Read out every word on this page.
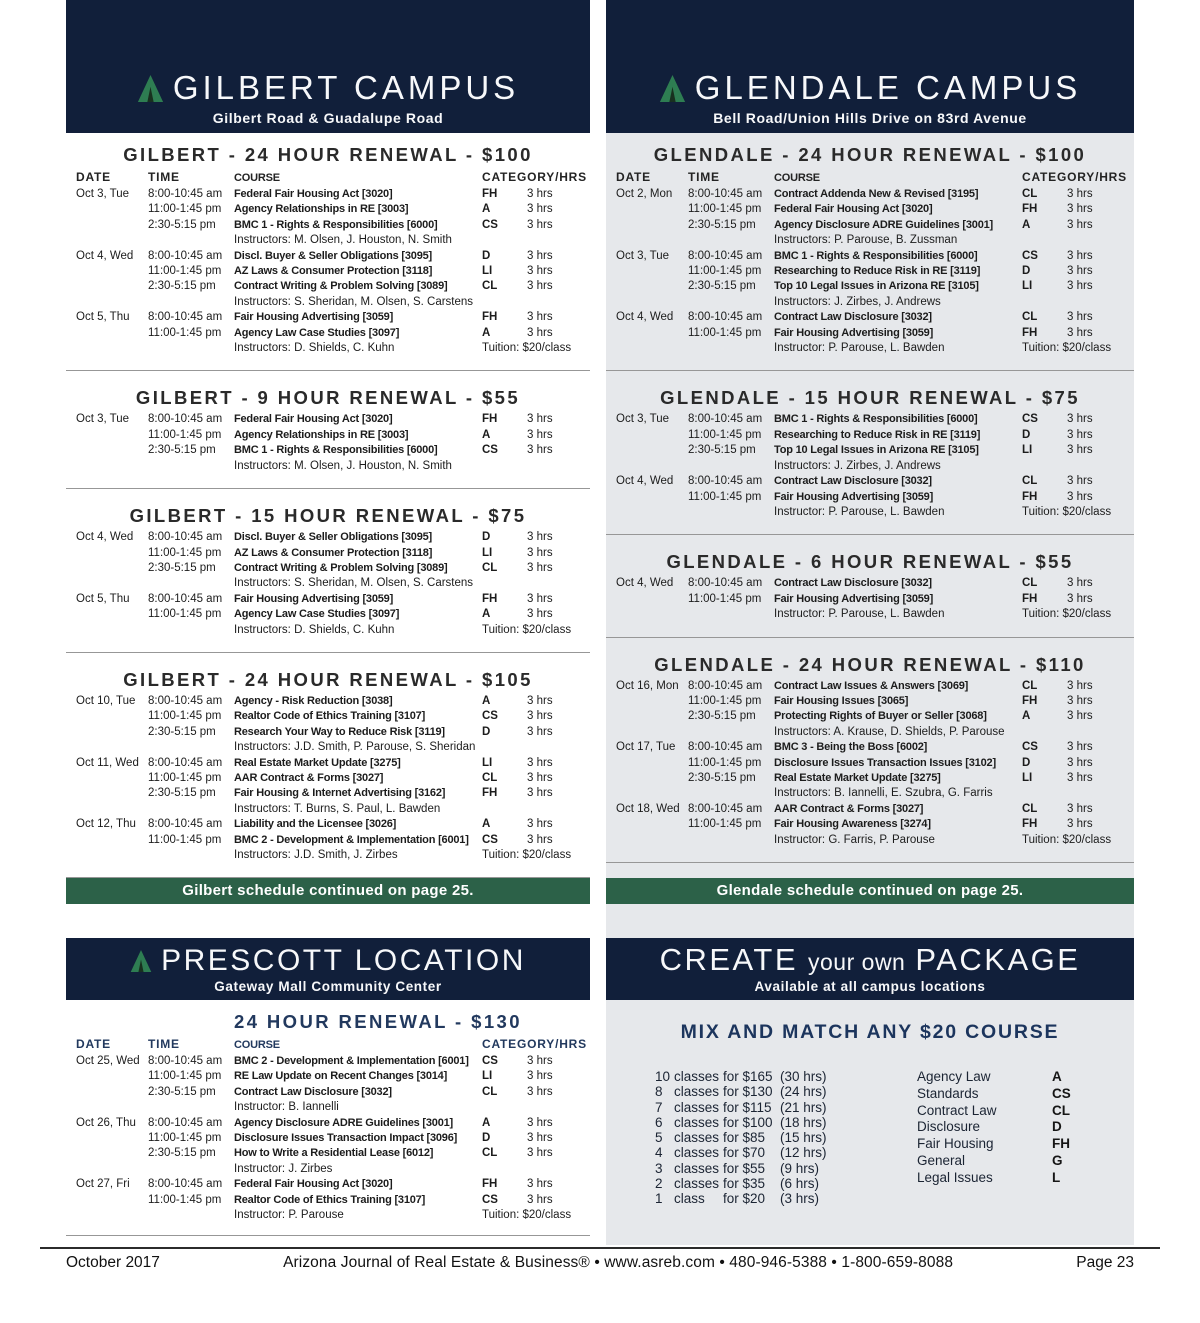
GILBERT CAMPUS
Gilbert Road & Guadalupe Road
GLENDALE CAMPUS
Bell Road/Union Hills Drive on 83rd Avenue
GILBERT - 24 HOUR RENEWAL - $100
DATE	TIME	COURSE	CATEGORY/HRS
Oct 3, Tue	8:00-10:45 am	Federal Fair Housing Act [3020]	FH	3 hrs
11:00-1:45 pm	Agency Relationships in RE [3003]	A	3 hrs
2:30-5:15 pm	BMC 1 - Rights & Responsibilities [6000]	CS	3 hrs
Instructors: M. Olsen, J. Houston, N. Smith
Oct 4, Wed	8:00-10:45 am	Discl. Buyer & Seller Obligations [3095]	D	3 hrs
11:00-1:45 pm	AZ Laws & Consumer Protection [3118]	LI	3 hrs
2:30-5:15 pm	Contract Writing & Problem Solving [3089]	CL	3 hrs
Instructors: S. Sheridan, M. Olsen, S. Carstens
Oct 5, Thu	8:00-10:45 am	Fair Housing Advertising [3059]	FH	3 hrs
11:00-1:45 pm	Agency Law Case Studies [3097]	A	3 hrs
Instructors: D. Shields, C. Kuhn	Tuition: $20/class
GILBERT - 9 HOUR RENEWAL - $55
Oct 3, Tue	8:00-10:45 am	Federal Fair Housing Act [3020]	FH	3 hrs
11:00-1:45 pm	Agency Relationships in RE [3003]	A	3 hrs
2:30-5:15 pm	BMC 1 - Rights & Responsibilities [6000]	CS	3 hrs
Instructors: M. Olsen, J. Houston, N. Smith
GILBERT - 15 HOUR RENEWAL - $75
Oct 4, Wed	8:00-10:45 am	Discl. Buyer & Seller Obligations [3095]	D	3 hrs
11:00-1:45 pm	AZ Laws & Consumer Protection [3118]	LI	3 hrs
2:30-5:15 pm	Contract Writing & Problem Solving [3089]	CL	3 hrs
Instructors: S. Sheridan, M. Olsen, S. Carstens
Oct 5, Thu	8:00-10:45 am	Fair Housing Advertising [3059]	FH	3 hrs
11:00-1:45 pm	Agency Law Case Studies [3097]	A	3 hrs
Instructors: D. Shields, C. Kuhn	Tuition: $20/class
GILBERT - 24 HOUR RENEWAL - $105
Oct 10, Tue	8:00-10:45 am	Agency - Risk Reduction [3038]	A	3 hrs
11:00-1:45 pm	Realtor Code of Ethics Training [3107]	CS	3 hrs
2:30-5:15 pm	Research Your Way to Reduce Risk [3119]	D	3 hrs
Instructors: J.D. Smith, P. Parouse, S. Sheridan
Oct 11, Wed 8:00-10:45 am	Real Estate Market Update [3275]	LI	3 hrs
11:00-1:45 pm	AAR Contract & Forms [3027]	CL	3 hrs
2:30-5:15 pm	Fair Housing & Internet Advertising [3162]	FH	3 hrs
Instructors: T. Burns, S. Paul, L. Bawden
Oct 12, Thu	8:00-10:45 am	Liability and the Licensee [3026]	A	3 hrs
11:00-1:45 pm	BMC 2 - Development & Implementation [6001]	CS	3 hrs
Instructors: J.D. Smith, J. Zirbes	Tuition: $20/class
GLENDALE - 24 HOUR RENEWAL - $100
DATE	TIME	COURSE	CATEGORY/HRS
Oct 2, Mon	8:00-10:45 am	Contract Addenda New & Revised [3195]	CL	3 hrs
11:00-1:45 pm	Federal Fair Housing Act [3020]	FH	3 hrs
2:30-5:15 pm	Agency Disclosure ADRE Guidelines [3001]	A	3 hrs
Instructors: P. Parouse, B. Zussman
Oct 3, Tue	8:00-10:45 am	BMC 1 - Rights & Responsibilities [6000]	CS	3 hrs
11:00-1:45 pm	Researching to Reduce Risk in RE [3119]	D	3 hrs
2:30-5:15 pm	Top 10 Legal Issues in Arizona RE [3105]	LI	3 hrs
Instructors: J. Zirbes, J. Andrews
Oct 4, Wed	8:00-10:45 am	Contract Law Disclosure [3032]	CL	3 hrs
11:00-1:45 pm	Fair Housing Advertising [3059]	FH	3 hrs
Instructor: P. Parouse, L. Bawden	Tuition: $20/class
GLENDALE - 15 HOUR RENEWAL - $75
Oct 3, Tue	8:00-10:45 am	BMC 1 - Rights & Responsibilities [6000]	CS	3 hrs
11:00-1:45 pm	Researching to Reduce Risk in RE [3119]	D	3 hrs
2:30-5:15 pm	Top 10 Legal Issues in Arizona RE [3105]	LI	3 hrs
Instructors: J. Zirbes, J. Andrews
Oct 4, Wed	8:00-10:45 am	Contract Law Disclosure [3032]	CL	3 hrs
11:00-1:45 pm	Fair Housing Advertising [3059]	FH	3 hrs
Instructor: P. Parouse, L. Bawden	Tuition: $20/class
GLENDALE - 6 HOUR RENEWAL - $55
Oct 4, Wed	8:00-10:45 am	Contract Law Disclosure [3032]	CL	3 hrs
11:00-1:45 pm	Fair Housing Advertising [3059]	FH	3 hrs
Instructor: P. Parouse, L. Bawden	Tuition: $20/class
GLENDALE - 24 HOUR RENEWAL - $110
Oct 16, Mon 8:00-10:45 am	Contract Law Issues & Answers [3069]	CL	3 hrs
11:00-1:45 pm	Fair Housing Issues [3065]	FH	3 hrs
2:30-5:15 pm	Protecting Rights of Buyer or Seller [3068]	A	3 hrs
Instructors: A. Krause, D. Shields, P. Parouse
Oct 17, Tue	8:00-10:45 am	BMC 3 - Being the Boss [6002]	CS	3 hrs
11:00-1:45 pm	Disclosure Issues Transaction Issues [3102]	D	3 hrs
2:30-5:15 pm	Real Estate Market Update [3275]	LI	3 hrs
Instructors: B. Iannelli, E. Szubra, G. Farris
Oct 18, Wed 8:00-10:45 am	AAR Contract & Forms [3027]	CL	3 hrs
11:00-1:45 pm	Fair Housing Awareness [3274]	FH	3 hrs
Instructor: G. Farris, P. Parouse	Tuition: $20/class
Gilbert schedule continued on page 25.	Glendale schedule continued on page 25.
PRESCOTT LOCATION
Gateway Mall Community Center
CREATE your own PACKAGE
Available at all campus locations
24 HOUR RENEWAL - $130
DATE	TIME	COURSE	CATEGORY/HRS
Oct 25, Wed 8:00-10:45 am	BMC 2 - Development & Implementation [6001]	CS	3 hrs
11:00-1:45 pm	RE Law Update on Recent Changes [3014]	LI	3 hrs
2:30-5:15 pm	Contract Law Disclosure [3032]	CL	3 hrs
Instructor: B. Iannelli
Oct 26, Thu	8:00-10:45 am	Agency Disclosure ADRE Guidelines [3001]	A	3 hrs
11:00-1:45 pm	Disclosure Issues Transaction Impact [3096]	D	3 hrs
2:30-5:15 pm	How to Write a Residential Lease [6012]	CL	3 hrs
Instructor: J. Zirbes
Oct 27, Fri	8:00-10:45 am	Federal Fair Housing Act [3020]	FH	3 hrs
11:00-1:45 pm	Realtor Code of Ethics Training [3107]	CS	3 hrs
Instructor: P. Parouse	Tuition: $20/class
MIX AND MATCH ANY $20 COURSE
10 classes for $165 (30 hrs)
8 classes for $130 (24 hrs)
7 classes for $115 (21 hrs)
6 classes for $100 (18 hrs)
5 classes for $85	(15 hrs)
4 classes for $70	(12 hrs)
3 classes for $55	(9 hrs)
2 classes for $35	(6 hrs)
1 class	for $20	(3 hrs)
Agency Law	A
Standards	CS
Contract Law	CL
Disclosure	D
Fair Housing	FH
General	G
Legal Issues	L
October 2017	Arizona Journal of Real Estate & Business® • www.asreb.com • 480-946-5388 • 1-800-659-8088	Page 23
